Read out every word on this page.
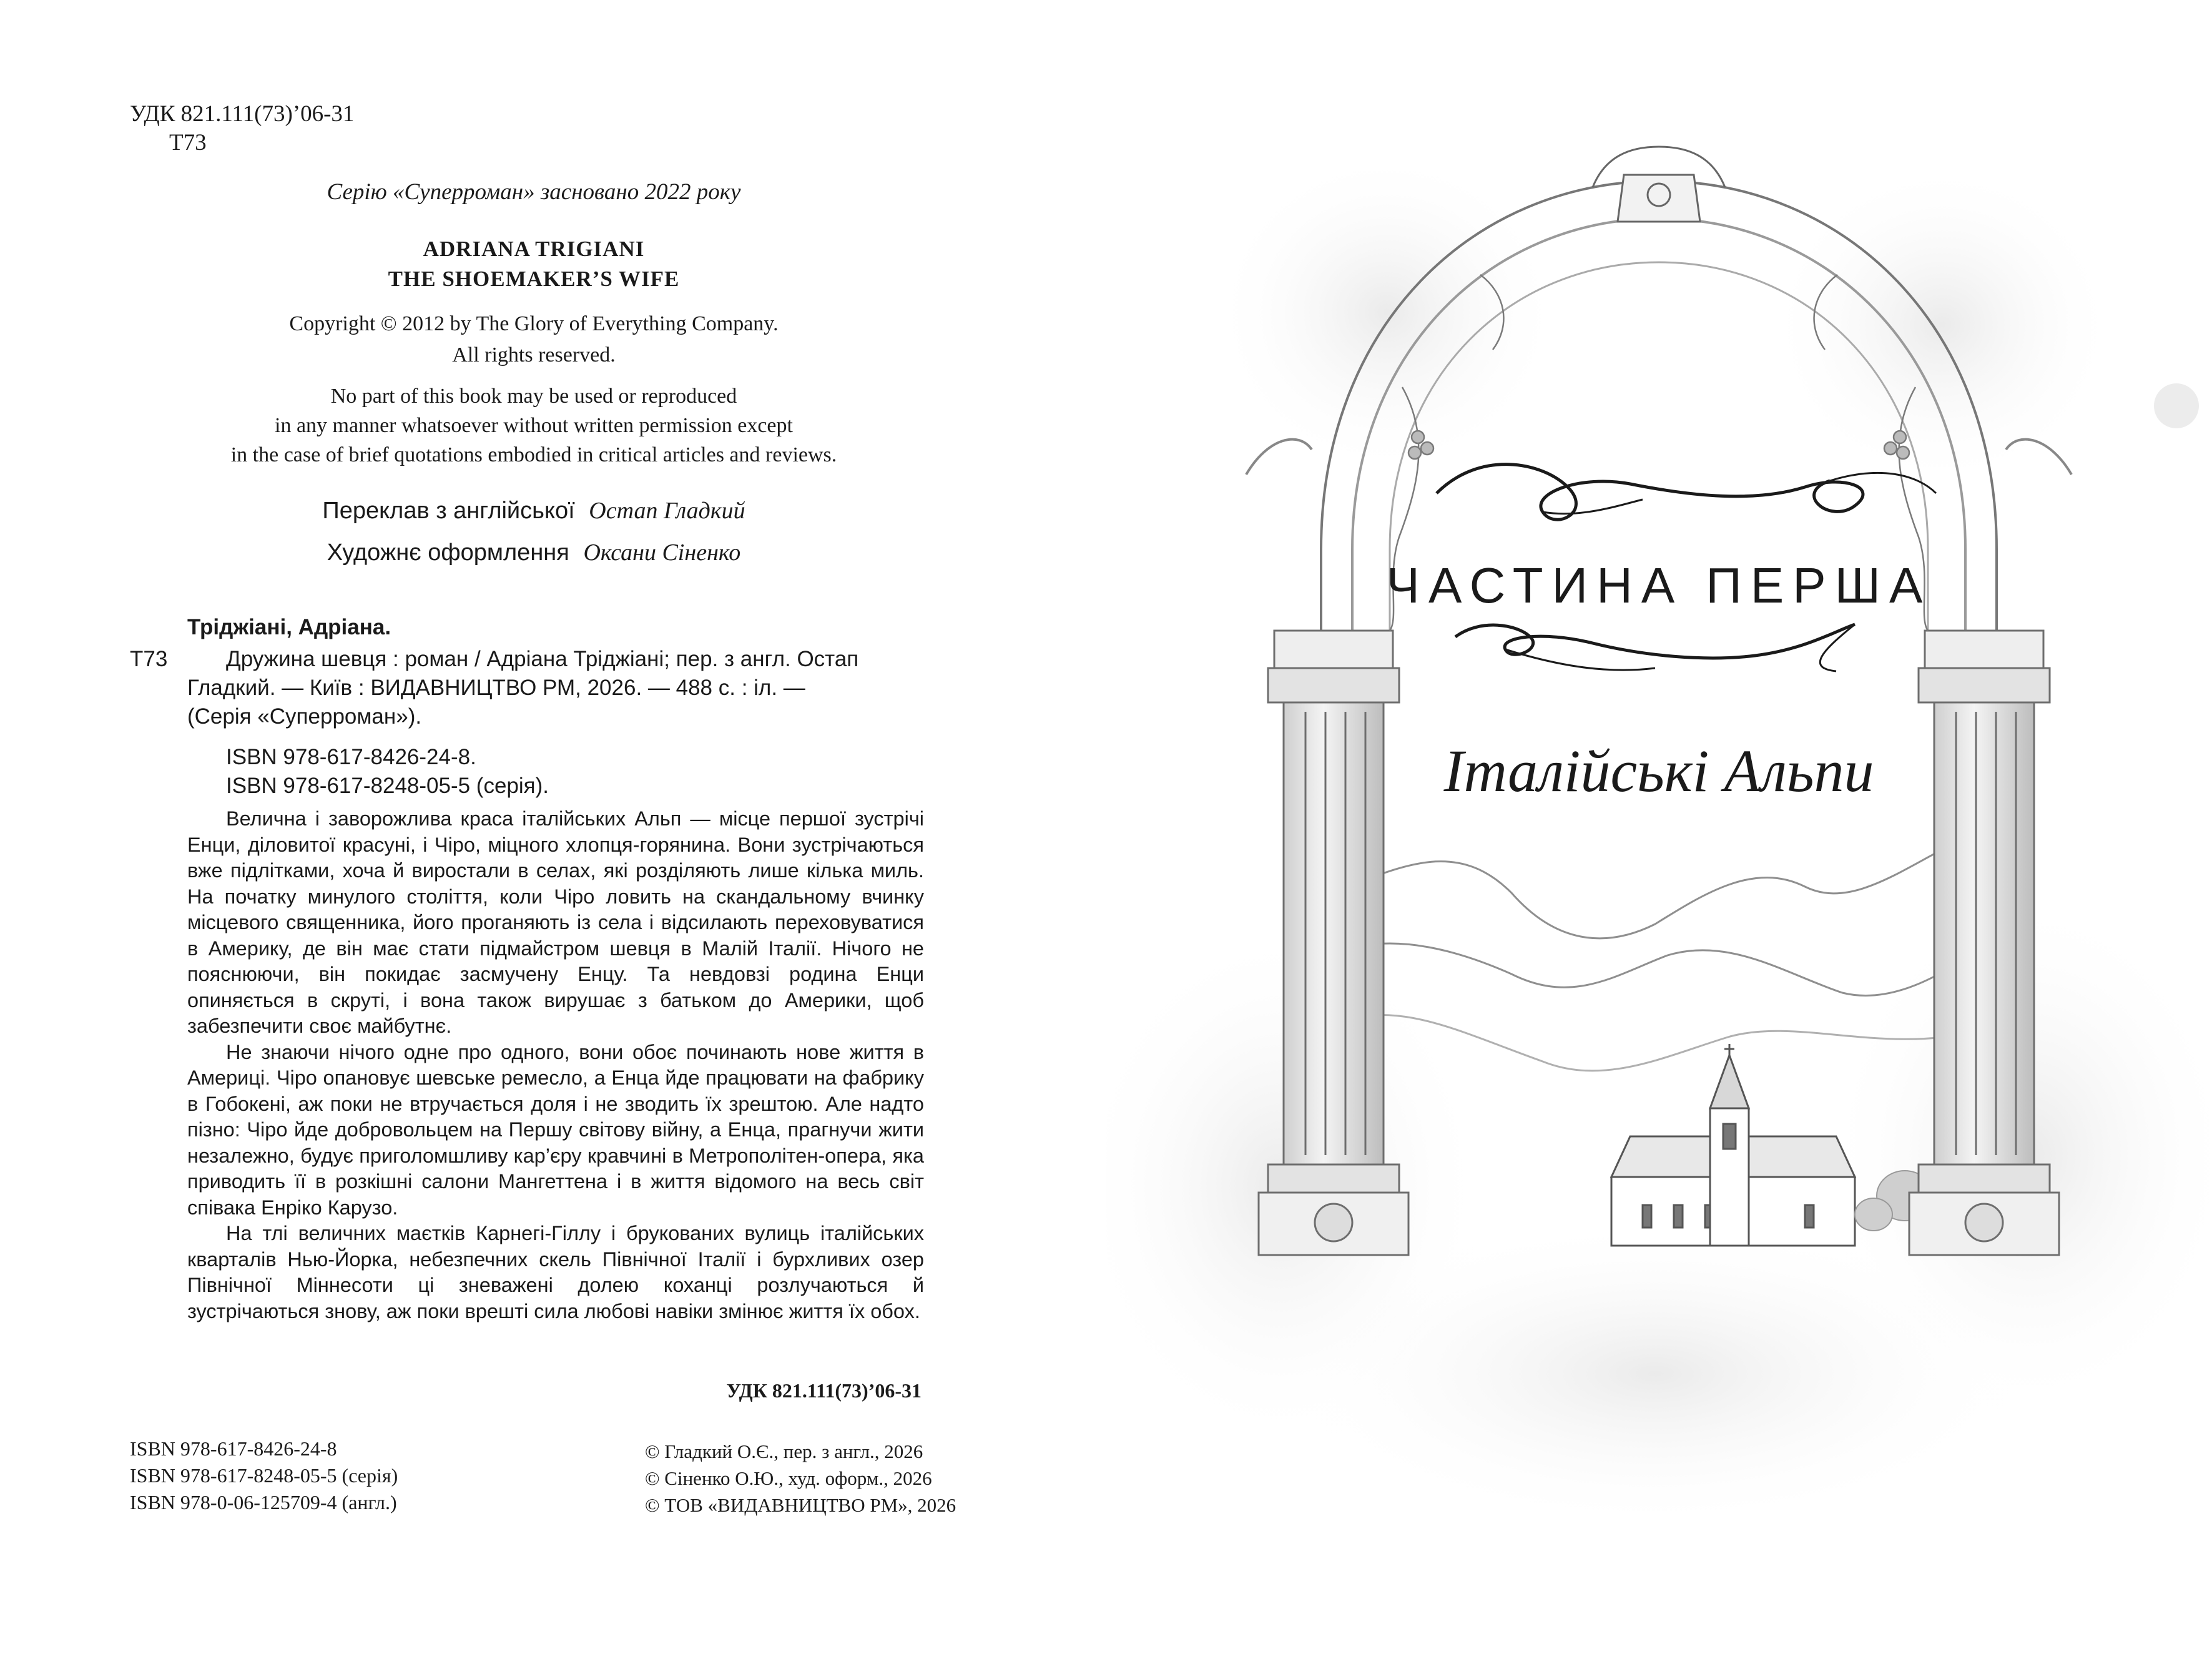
УДК 821.111(73)’06-31
Т73
Серію «Суперроман» засновано 2022 року
ADRIANA TRIGIANI
THE SHOEMAKER’S WIFE
Copyright © 2012 by The Glory of Everything Company.
All rights reserved.
No part of this book may be used or reproduced
in any manner whatsoever without written permission except
in the case of brief quotations embodied in critical articles and reviews.
Переклав з англійської Остап Гладкий
Художнє оформлення Оксани Сіненко
Тріджіані, Адріана.
Т73	Дружина шевця : роман / Адріана Тріджіані; пер. з англ. Остап
Гладкий. — Київ : ВИДАВНИЦТВО РМ, 2026. — 488 с. : іл. —
(Серія «Суперроман»).
ISBN 978-617-8426-24-8.
ISBN 978-617-8248-05-5 (серія).

Велична і заворожлива краса італійських Альп — місце першої зустрічі Енци, діловитої красуні, і Чіро, міцного хлопця-горянина. Вони зустрічаються вже підлітками, хоча й виростали в селах, які розділяють лише кілька миль. На початку минулого століття, коли Чіро ловить на скандальному вчинку місцевого священника, його проганяють із села і відсилають переховуватися в Америку, де він має стати підмайстром шевця в Малій Італії. Нічого не пояснюючи, він покидає засмучену Енцу. Та невдовзі родина Енци опиняється в скруті, і вона також вирушає з батьком до Америки, щоб забезпечити своє майбутнє.

Не знаючи нічого одне про одного, вони обоє починають нове життя в Америці. Чіро опановує шевське ремесло, а Енца йде працювати на фабрику в Гобокені, аж поки не втручається доля і не зводить їх зрештою. Але надто пізно: Чіро йде добровольцем на Першу світову війну, а Енца, прагнучи жити незалежно, будує приголомшливу кар’єру кравчині в Метрополітен-опера, яка приводить її в розкішні салони Мангеттена і в життя відомого на весь світ співака Енріко Карузо.

На тлі величних маєтків Карнегі-Гіллу і брукованих вулиць італійських кварталів Нью-Йорка, небезпечних скель Північної Італії і бурхливих озер Північної Міннесоти ці зневажені долею коханці розлучаються й зустрічаються знову, аж поки врешті сила любові навіки змінює життя їх обох.

УДК 821.111(73)’06-31
ISBN 978-617-8426-24-8
ISBN 978-617-8248-05-5 (серія)
ISBN 978-0-06-125709-4 (англ.)
© Гладкий О.Є., пер. з англ., 2026
© Сіненко О.Ю., худ. оформ., 2026
© ТОВ «ВИДАВНИЦТВО РМ», 2026
ЧАСТИНА ПЕРША
Італійські Альпи
